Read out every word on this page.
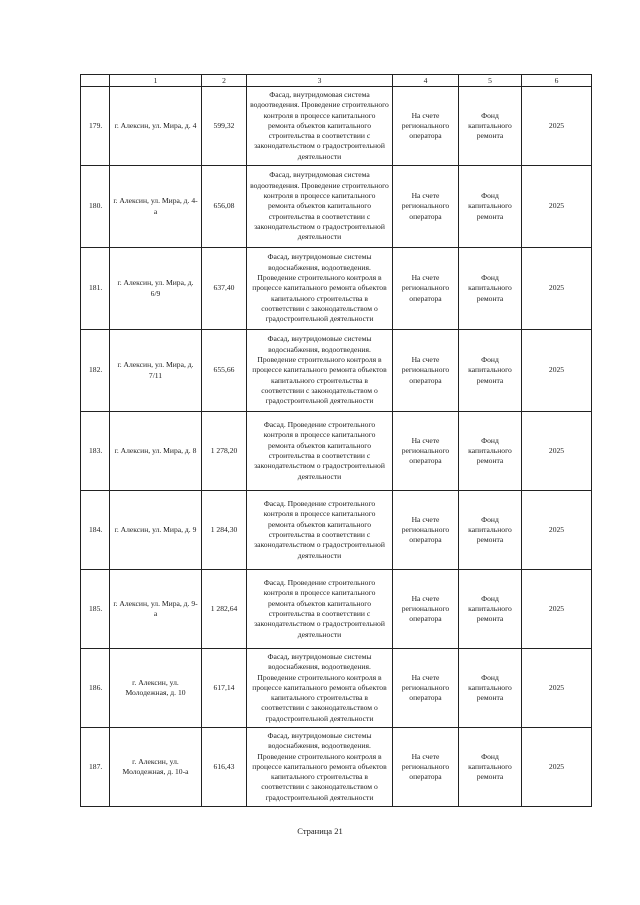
	1	2	3	4	5	6
179.	г. Алексин, ул. Мира, д. 4	599,32	Фасад, внутридомовая система водоотведения. Проведение строительного контроля в процессе капитального ремонта объектов капитального строительства в соответствии с законодательством о градостроительной деятельности	На счете регионального оператора	Фонд капитального ремонта	2025
180.	г. Алексин, ул. Мира, д. 4-а	656,08	Фасад, внутридомовая система водоотведения. Проведение строительного контроля в процессе капитального ремонта объектов капитального строительства в соответствии с законодательством о градостроительной деятельности	На счете регионального оператора	Фонд капитального ремонта	2025
181.	г. Алексин, ул. Мира, д. 6/9	637,40	Фасад, внутридомовые системы водоснабжения, водоотведения. Проведение строительного контроля в процессе капитального ремонта объектов капитального строительства в соответствии с законодательством о градостроительной деятельности	На счете регионального оператора	Фонд капитального ремонта	2025
182.	г. Алексин, ул. Мира, д. 7/11	655,66	Фасад, внутридомовые системы водоснабжения, водоотведения. Проведение строительного контроля в процессе капитального ремонта объектов капитального строительства в соответствии с законодательством о градостроительной деятельности	На счете регионального оператора	Фонд капитального ремонта	2025
183.	г. Алексин, ул. Мира, д. 8	1 278,20	Фасад. Проведение строительного контроля в процессе капитального ремонта объектов капитального строительства в соответствии с законодательством о градостроительной деятельности	На счете регионального оператора	Фонд капитального ремонта	2025
184.	г. Алексин, ул. Мира, д. 9	1 284,30	Фасад. Проведение строительного контроля в процессе капитального ремонта объектов капитального строительства в соответствии с законодательством о градостроительной деятельности	На счете регионального оператора	Фонд капитального ремонта	2025
185.	г. Алексин, ул. Мира, д. 9-а	1 282,64	Фасад. Проведение строительного контроля в процессе капитального ремонта объектов капитального строительства в соответствии с законодательством о градостроительной деятельности	На счете регионального оператора	Фонд капитального ремонта	2025
186.	г. Алексин, ул. Молодежная, д. 10	617,14	Фасад, внутридомовые системы водоснабжения, водоотведения. Проведение строительного контроля в процессе капитального ремонта объектов капитального строительства в соответствии с законодательством о градостроительной деятельности	На счете регионального оператора	Фонд капитального ремонта	2025
187.	г. Алексин, ул. Молодежная, д. 10-а	616,43	Фасад, внутридомовые системы водоснабжения, водоотведения. Проведение строительного контроля в процессе капитального ремонта объектов капитального строительства в соответствии с законодательством о градостроительной деятельности	На счете регионального оператора	Фонд капитального ремонта	2025
Страница 21
